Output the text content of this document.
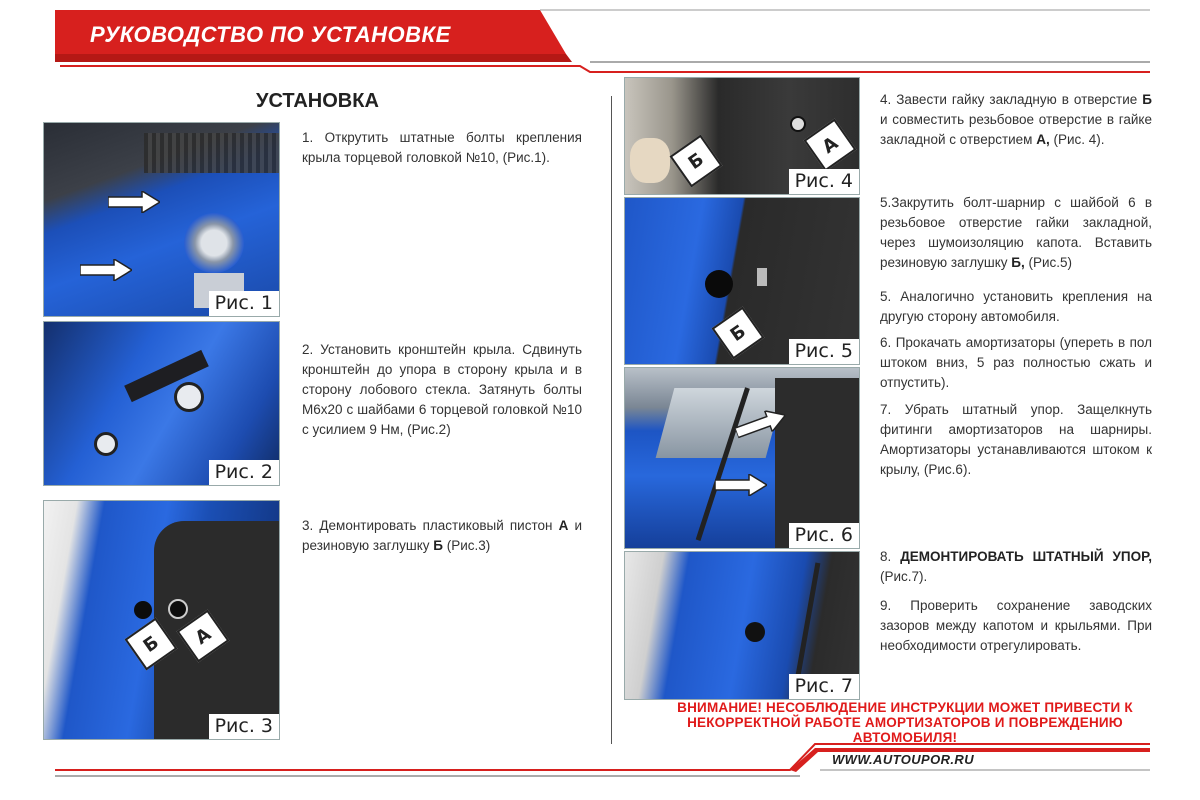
РУКОВОДСТВО ПО УСТАНОВКЕ
УСТАНОВКА
Рис. 1
Рис. 2
Б	А
Рис. 3
1. Открутить штатные болты крепления крыла торцевой головкой №10, (Рис.1).
2. Установить кронштейн крыла. Сдвинуть кронштейн до упора в сторону крыла и в сторону лобового стекла. Затянуть болты М6х20 с шайбами 6 торцевой головкой №10 с усилием 9 Нм, (Рис.2)
3. Демонтировать пластиковый пистон А и резиновую заглушку Б (Рис.3)
Б
А
Рис. 4
Б
Рис. 5
Рис. 6
Рис. 7
4. Завести гайку закладную в отверстие Б и совместить резьбовое отверстие в гайке закладной с отверстием А, (Рис. 4).
5.Закрутить болт-шарнир с шайбой 6 в резьбовое отверстие гайки закладной, через шумоизоляцию капота. Вставить резиновую заглушку Б, (Рис.5)
5. Аналогично установить крепления на другую сторону автомобиля.
6. Прокачать амортизаторы (упереть в пол штоком вниз, 5 раз полностью сжать и отпустить).
7. Убрать штатный упор. Защелкнуть фитинги амортизаторов на шарниры. Амортизаторы устанавливаются штоком к крылу, (Рис.6).
8. ДЕМОНТИРОВАТЬ ШТАТНЫЙ УПОР, (Рис.7).
9. Проверить сохранение заводских зазоров между капотом и крыльями. При необходимости отрегулировать.
ВНИМАНИЕ! НЕСОБЛЮДЕНИЕ ИНСТРУКЦИИ МОЖЕТ ПРИВЕСТИ К НЕКОРРЕКТНОЙ РАБОТЕ АМОРТИЗАТОРОВ И ПОВРЕЖДЕНИЮ АВТОМОБИЛЯ!
WWW.AUTOUPOR.RU
